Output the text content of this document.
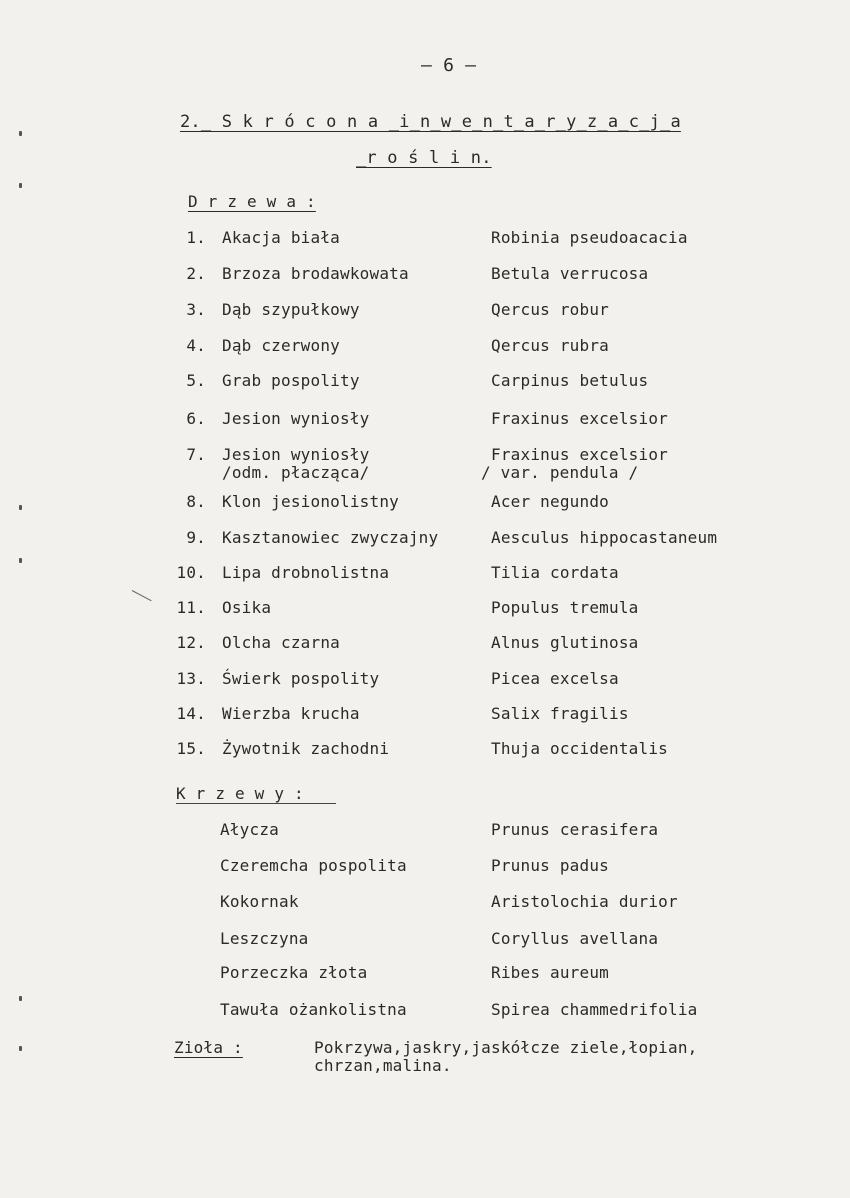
— 6 —
2._ S k r ó c o n a _i_n_w_e_n_t_a_r_y_z_a_c_j_a
_r o ś l i n.
D r z e w a :
1. Akacja biała	Robinia pseudoacacia
2. Brzoza brodawkowata	Betula verrucosa
3. Dąb szypułkowy	Qercus robur
4. Dąb czerwony	Qercus rubra
5. Grab pospolity	Carpinus betulus
6. Jesion wyniosły	Fraxinus excelsior
7. Jesion wyniosły	Fraxinus excelsior
/odm. płacząca/	/ var. pendula /
8. Klon jesionolistny	Acer negundo
9. Kasztanowiec zwyczajny	Aesculus hippocastaneum
10. Lipa drobnolistna	Tilia cordata
11. Osika	Populus tremula
12. Olcha czarna	Alnus glutinosa
13. Świerk pospolity	Picea excelsa
14. Wierzba krucha	Salix fragilis
15. Żywotnik zachodni	Thuja occidentalis
K r z e w y :
Ałycza	Prunus cerasifera
Czeremcha pospolita	Prunus padus
Kokornak	Aristolochia durior
Leszczyna	Coryllus avellana
Porzeczka złota	Ribes aureum
Tawuła ożankolistna	Spirea chammedrifolia
Zioła :	Pokrzywa,jaskry,jaskółcze ziele,łopian,
chrzan,malina.
